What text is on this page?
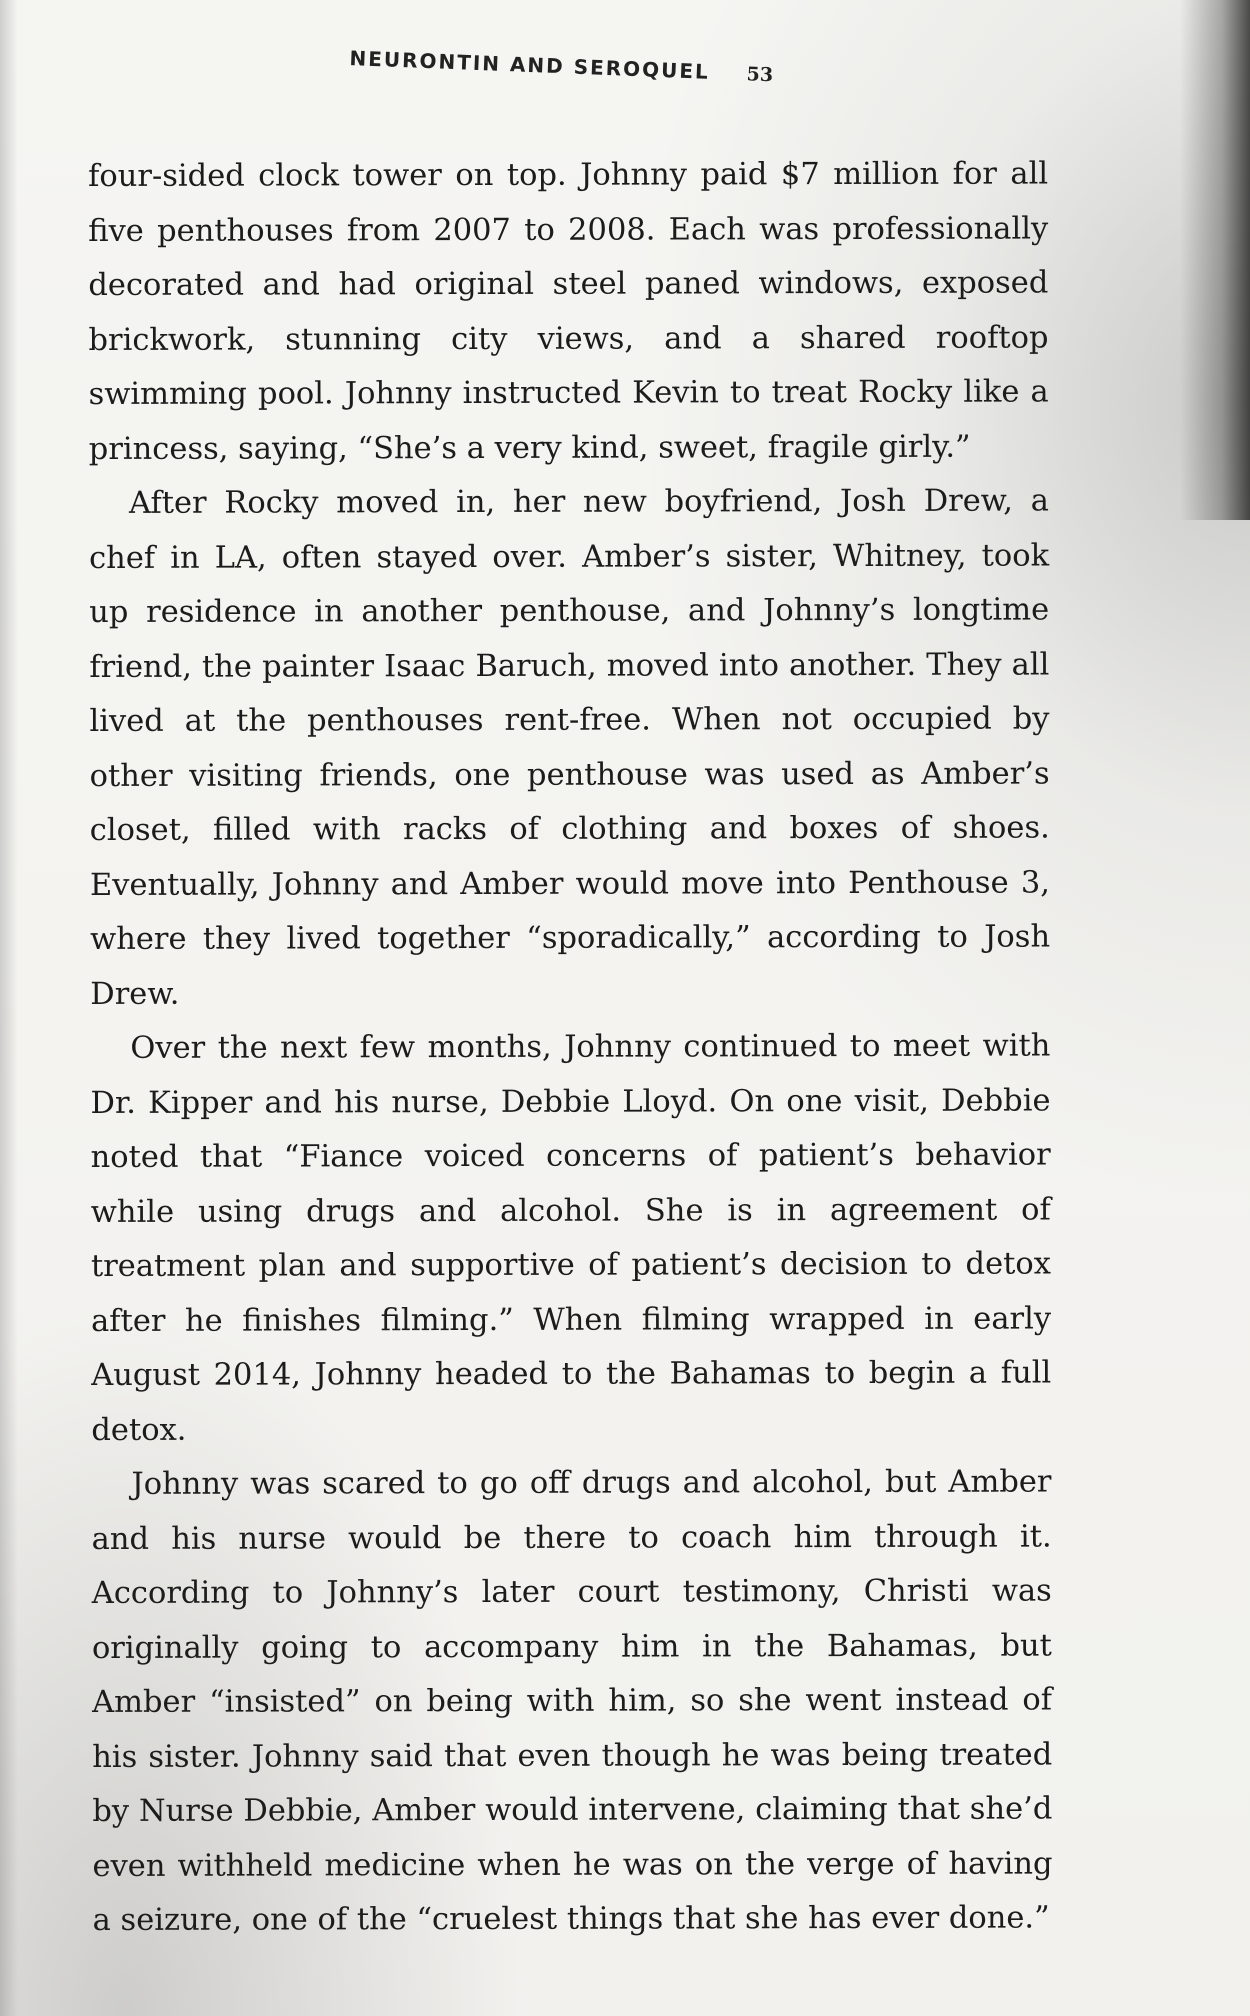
NEURONTIN AND SEROQUEL 53

four-sided clock tower on top. Johnny paid $7 million for all five penthouses from 2007 to 2008. Each was professionally decorated and had original steel paned windows, exposed brickwork, stunning city views, and a shared rooftop swimming pool. Johnny instructed Kevin to treat Rocky like a princess, saying, “She’s a very kind, sweet, fragile girly.”

After Rocky moved in, her new boyfriend, Josh Drew, a chef in LA, often stayed over. Amber’s sister, Whitney, took up residence in another penthouse, and Johnny’s longtime friend, the painter Isaac Baruch, moved into another. They all lived at the penthouses rent-free. When not occupied by other visiting friends, one penthouse was used as Amber’s closet, filled with racks of clothing and boxes of shoes. Eventually, Johnny and Amber would move into Penthouse 3, where they lived together “sporadically,” according to Josh Drew.

Over the next few months, Johnny continued to meet with Dr. Kipper and his nurse, Debbie Lloyd. On one visit, Debbie noted that “Fiance voiced concerns of patient’s behavior while using drugs and alcohol. She is in agreement of treatment plan and supportive of patient’s decision to detox after he finishes filming.” When filming wrapped in early August 2014, Johnny headed to the Bahamas to begin a full detox.

Johnny was scared to go off drugs and alcohol, but Amber and his nurse would be there to coach him through it. According to Johnny’s later court testimony, Christi was originally going to accompany him in the Bahamas, but Amber “insisted” on being with him, so she went instead of his sister. Johnny said that even though he was being treated by Nurse Debbie, Amber would intervene, claiming that she’d even withheld medicine when he was on the verge of having a seizure, one of the “cruelest things that she has ever done.”
